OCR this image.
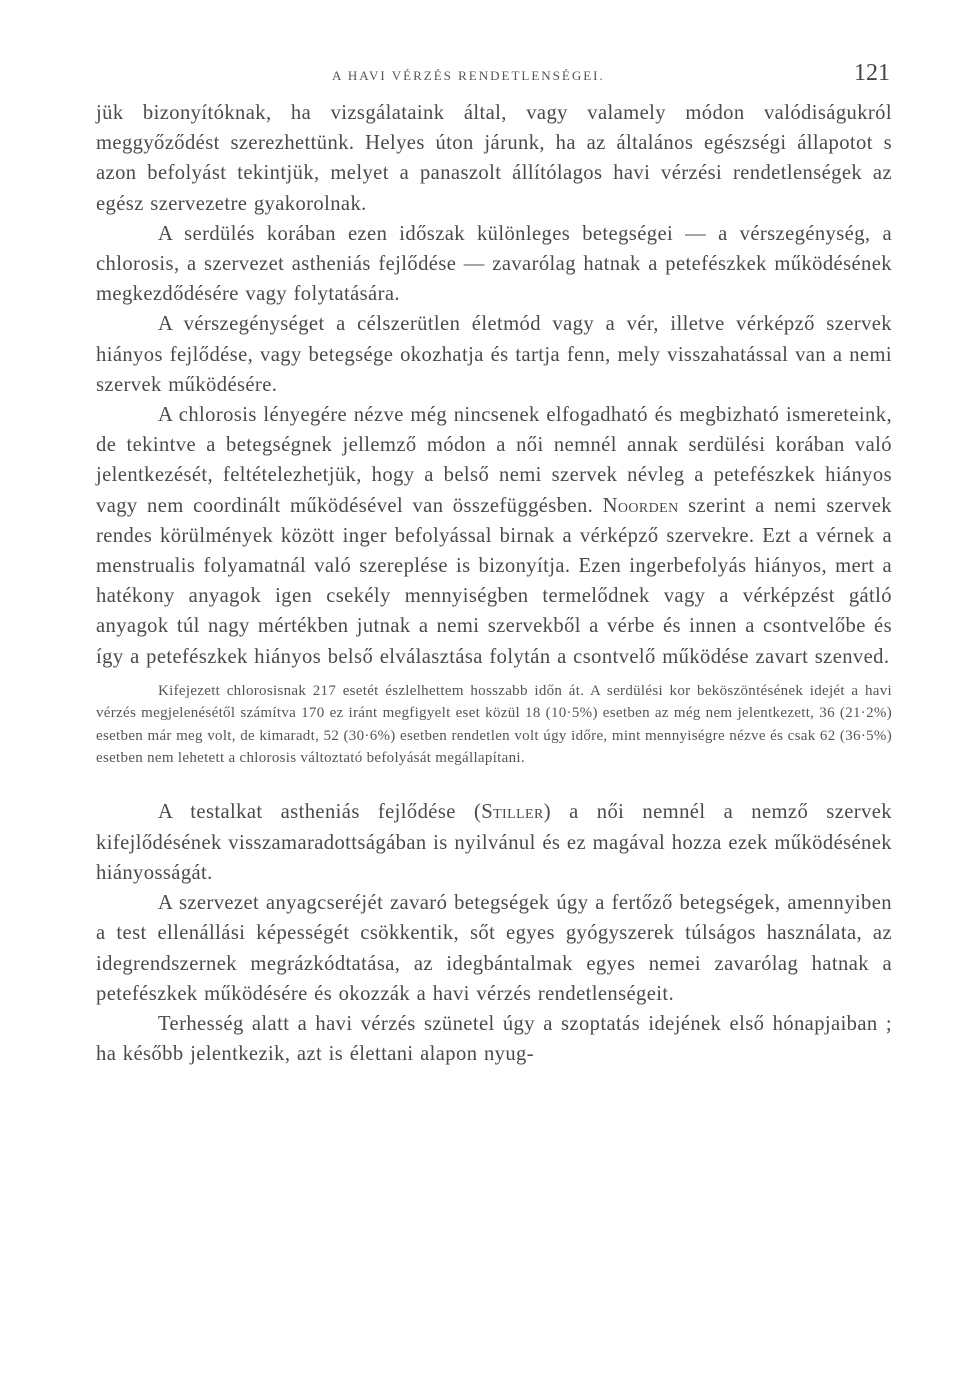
A HAVI VÉRZÉS RENDETLENSÉGEI.	121

jük bizonyítóknak, ha vizsgálataink által, vagy valamely módon valódiságukról meggyőződést szerezhettünk. Helyes úton járunk, ha az általános egészségi állapotot s azon befolyást tekintjük, melyet a panaszolt állítólagos havi vérzési rendetlenségek az egész szervezetre gyakorolnak.

A serdülés korában ezen időszak különleges betegségei — a vérszegénység, a chlorosis, a szervezet astheniás fejlődése — zavarólag hatnak a petefészkek működésének megkezdődésére vagy folytatására.

A vérszegénységet a célszerütlen életmód vagy a vér, illetve vérképző szervek hiányos fejlődése, vagy betegsége okozhatja és tartja fenn, mely visszahatással van a nemi szervek működésére.

A chlorosis lényegére nézve még nincsenek elfogadható és megbizható ismereteink, de tekintve a betegségnek jellemző módon a női nemnél annak serdülési korában való jelentkezését, feltételezhetjük, hogy a belső nemi szervek névleg a petefészkek hiányos vagy nem coordinált működésével van összefüggésben. Noorden szerint a nemi szervek rendes körülmények között inger befolyással birnak a vérképző szervekre. Ezt a vérnek a menstrualis folyamatnál való szereplése is bizonyítja. Ezen ingerbefolyás hiányos, mert a hatékony anyagok igen csekély mennyiségben termelődnek vagy a vérképzést gátló anyagok túl nagy mértékben jutnak a nemi szervekből a vérbe és innen a csontvelőbe és így a petefészkek hiányos belső elválasztása folytán a csontvelő működése zavart szenved.

Kifejezett chlorosisnak 217 esetét észlelhettem hosszabb időn át. A serdülési kor beköszöntésének idejét a havi vérzés megjelenésétől számítva 170 ez iránt megfigyelt eset közül 18 (10·5%) esetben az még nem jelentkezett, 36 (21·2%) esetben már meg volt, de kimaradt, 52 (30·6%) esetben rendetlen volt úgy időre, mint mennyiségre nézve és csak 62 (36·5%) esetben nem lehetett a chlorosis változtató befolyását megállapítani.

A testalkat astheniás fejlődése (Stiller) a női nemnél a nemző szervek kifejlődésének visszamaradottságában is nyilvánul és ez magával hozza ezek működésének hiányosságát.

A szervezet anyagcseréjét zavaró betegségek úgy a fertőző betegségek, amennyiben a test ellenállási képességét csökkentik, sőt egyes gyógyszerek túlságos használata, az idegrendszernek megrázkódtatása, az idegbántalmak egyes nemei zavarólag hatnak a petefészkek működésére és okozzák a havi vérzés rendetlenségeit.

Terhesség alatt a havi vérzés szünetel úgy a szoptatás idejének első hónapjaiban ; ha később jelentkezik, azt is élettani alapon nyug-
